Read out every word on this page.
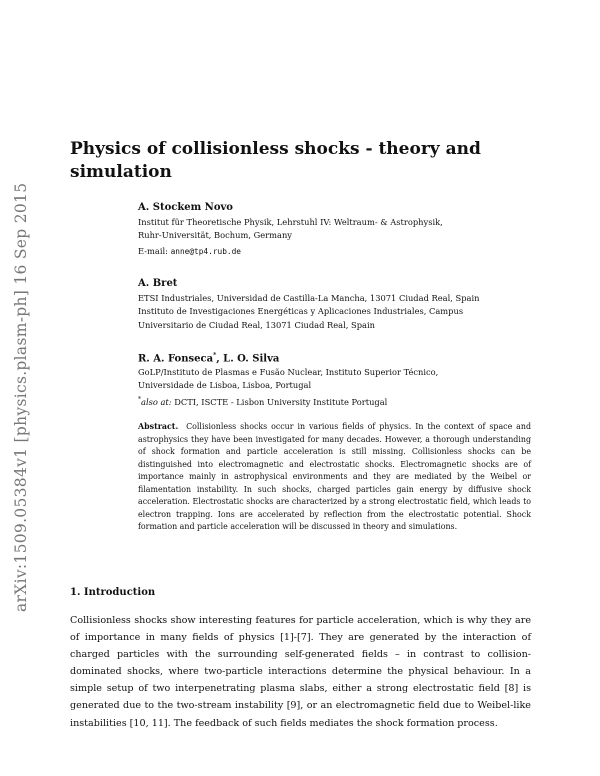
arXiv:1509.05384v1 [physics.plasm-ph] 16 Sep 2015
Physics of collisionless shocks - theory and simulation
A. Stockem Novo
Institut für Theoretische Physik, Lehrstuhl IV: Weltraum- & Astrophysik,
Ruhr-Universität, Bochum, Germany
E-mail: anne@tp4.rub.de
A. Bret
ETSI Industriales, Universidad de Castilla-La Mancha, 13071 Ciudad Real, Spain
Instituto de Investigaciones Energéticas y Aplicaciones Industriales, Campus
Universitario de Ciudad Real, 13071 Ciudad Real, Spain
R. A. Fonseca*, L. O. Silva
GoLP/Instituto de Plasmas e Fusão Nuclear, Instituto Superior Técnico,
Universidade de Lisboa, Lisboa, Portugal
*also at: DCTI, ISCTE - Lisbon University Institute Portugal

Abstract. Collisionless shocks occur in various fields of physics. In the context of space and astrophysics they have been investigated for many decades. However, a thorough understanding of shock formation and particle acceleration is still missing. Collisionless shocks can be distinguished into electromagnetic and electrostatic shocks. Electromagnetic shocks are of importance mainly in astrophysical environments and they are mediated by the Weibel or filamentation instability. In such shocks, charged particles gain energy by diffusive shock acceleration. Electrostatic shocks are characterized by a strong electrostatic field, which leads to electron trapping. Ions are accelerated by reflection from the electrostatic potential. Shock formation and particle acceleration will be discussed in theory and simulations.

1. Introduction

Collisionless shocks show interesting features for particle acceleration, which is why they are of importance in many fields of physics [1]-[7]. They are generated by the interaction of charged particles with the surrounding self-generated fields – in contrast to collision-dominated shocks, where two-particle interactions determine the physical behaviour. In a simple setup of two interpenetrating plasma slabs, either a strong electrostatic field [8] is generated due to the two-stream instability [9], or an electromagnetic field due to Weibel-like instabilities [10, 11]. The feedback of such fields mediates the shock formation process.
